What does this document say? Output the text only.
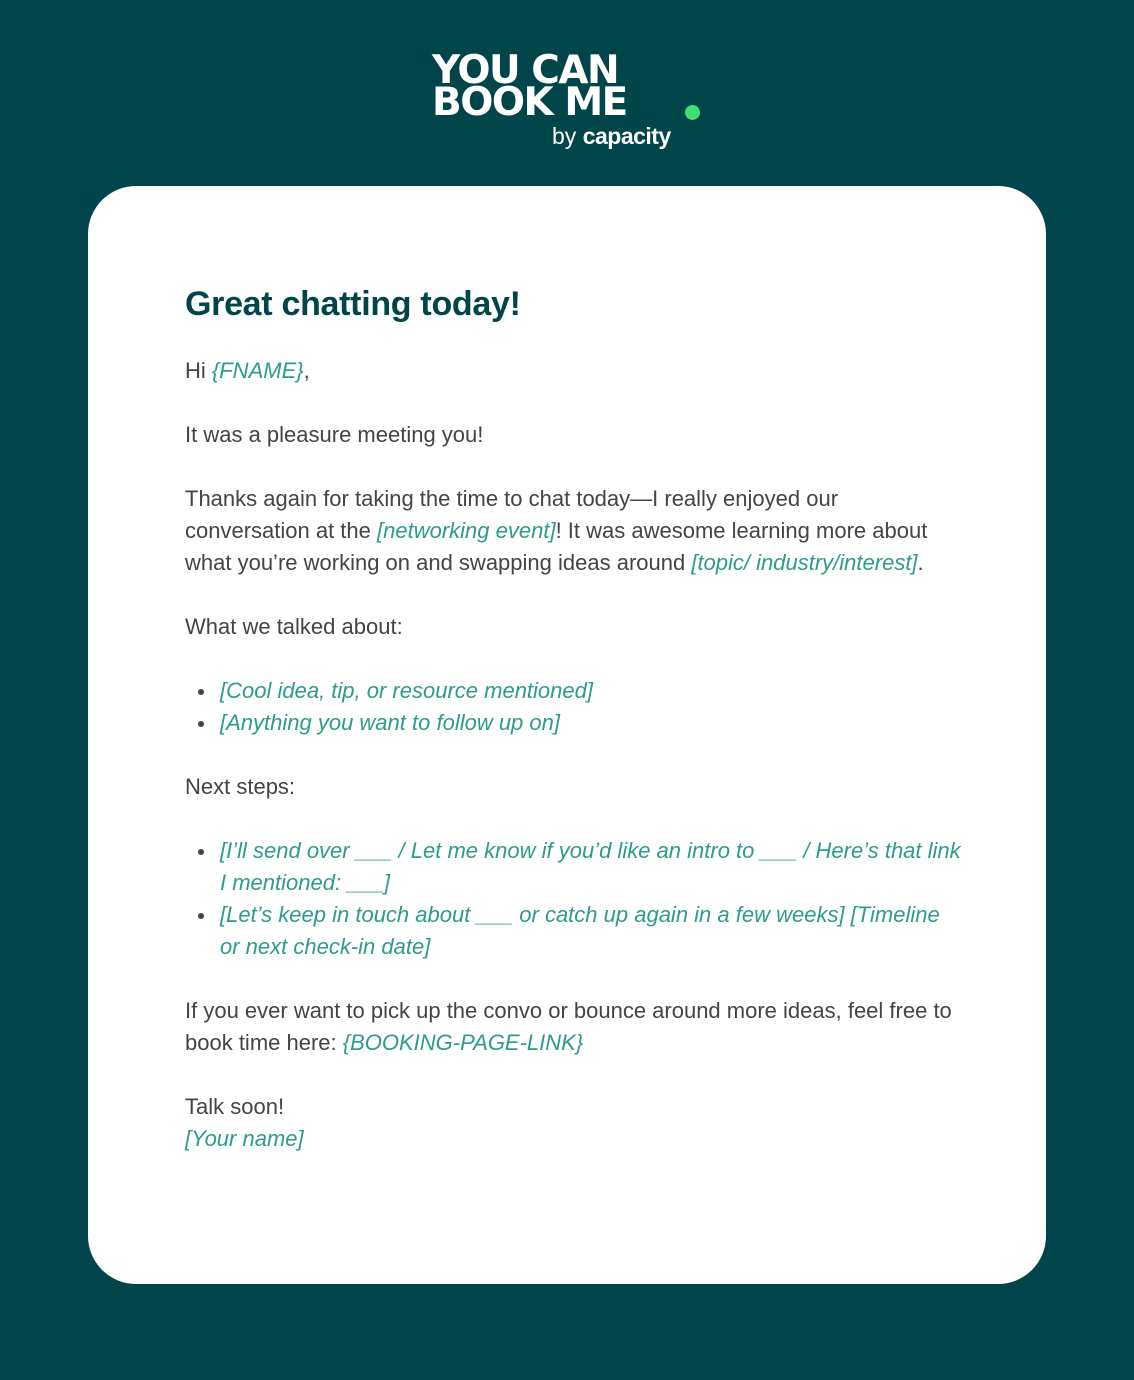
YOU CAN
BOOK ME
by capacity
Great chatting today!

Hi {FNAME},

It was a pleasure meeting you!

Thanks again for taking the time to chat today—I really enjoyed our conversation at the [networking event]! It was awesome learning more about what you’re working on and swapping ideas around [topic/ industry/interest].

What we talked about:

[Cool idea, tip, or resource mentioned]
[Anything you want to follow up on]

Next steps:

[I’ll send over ___ / Let me know if you’d like an intro to ___ / Here’s that link I mentioned: ___]
[Let’s keep in touch about ___ or catch up again in a few weeks] [Timeline or next check-in date]

If you ever want to pick up the convo or bounce around more ideas, feel free to book time here: {BOOKING-PAGE-LINK}

Talk soon!
[Your name]
